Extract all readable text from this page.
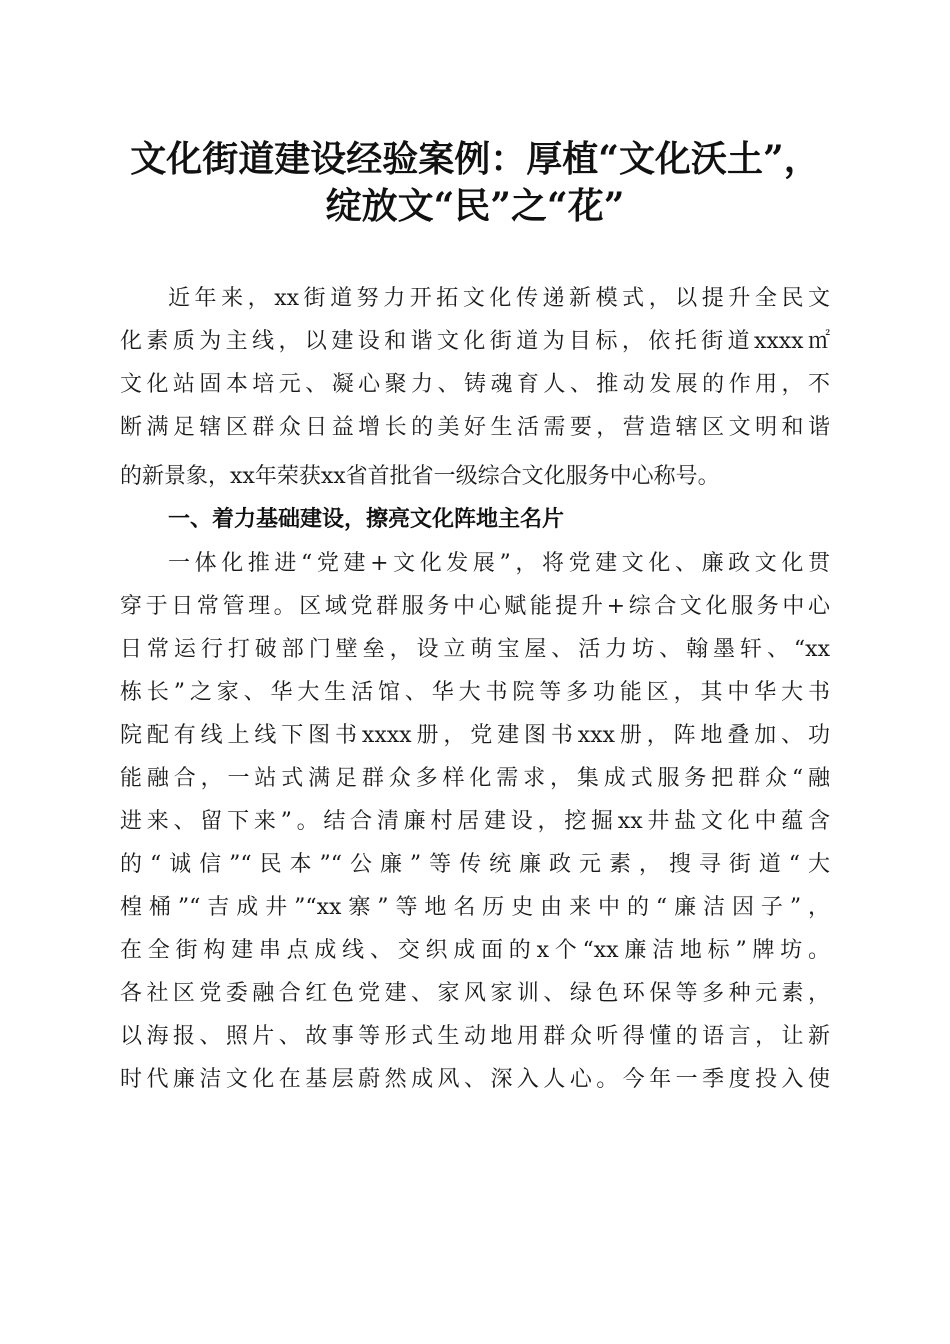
文化街道建设经验案例：厚植“文化沃土”，
绽放文“民”之“花”
近年来，xx街道努力开拓文化传递新模式，以提升全民文
化素质为主线，以建设和谐文化街道为目标，依托街道xxxx㎡
文化站固本培元、凝心聚力、铸魂育人、推动发展的作用，不
断满足辖区群众日益增长的美好生活需要，营造辖区文明和谐
的新景象，xx年荣获xx省首批省一级综合文化服务中心称号。
一、着力基础建设，擦亮文化阵地主名片
一体化推进“党建+文化发展”，将党建文化、廉政文化贯
穿于日常管理。区域党群服务中心赋能提升+综合文化服务中心
日常运行打破部门壁垒，设立萌宝屋、活力坊、翰墨轩、“xx
栋长”之家、华大生活馆、华大书院等多功能区，其中华大书
院配有线上线下图书xxxx册，党建图书xxx册，阵地叠加、功
能融合，一站式满足群众多样化需求，集成式服务把群众“融
进来、留下来”。结合清廉村居建设，挖掘xx井盐文化中蕴含
的“诚信”“民本”“公廉”等传统廉政元素，搜寻街道“大
楻桶”“吉成井”“xx寨”等地名历史由来中的“廉洁因子”，
在全街构建串点成线、交织成面的x个“xx廉洁地标”牌坊。
各社区党委融合红色党建、家风家训、绿色环保等多种元素，
以海报、照片、故事等形式生动地用群众听得懂的语言，让新
时代廉洁文化在基层蔚然成风、深入人心。今年一季度投入使
